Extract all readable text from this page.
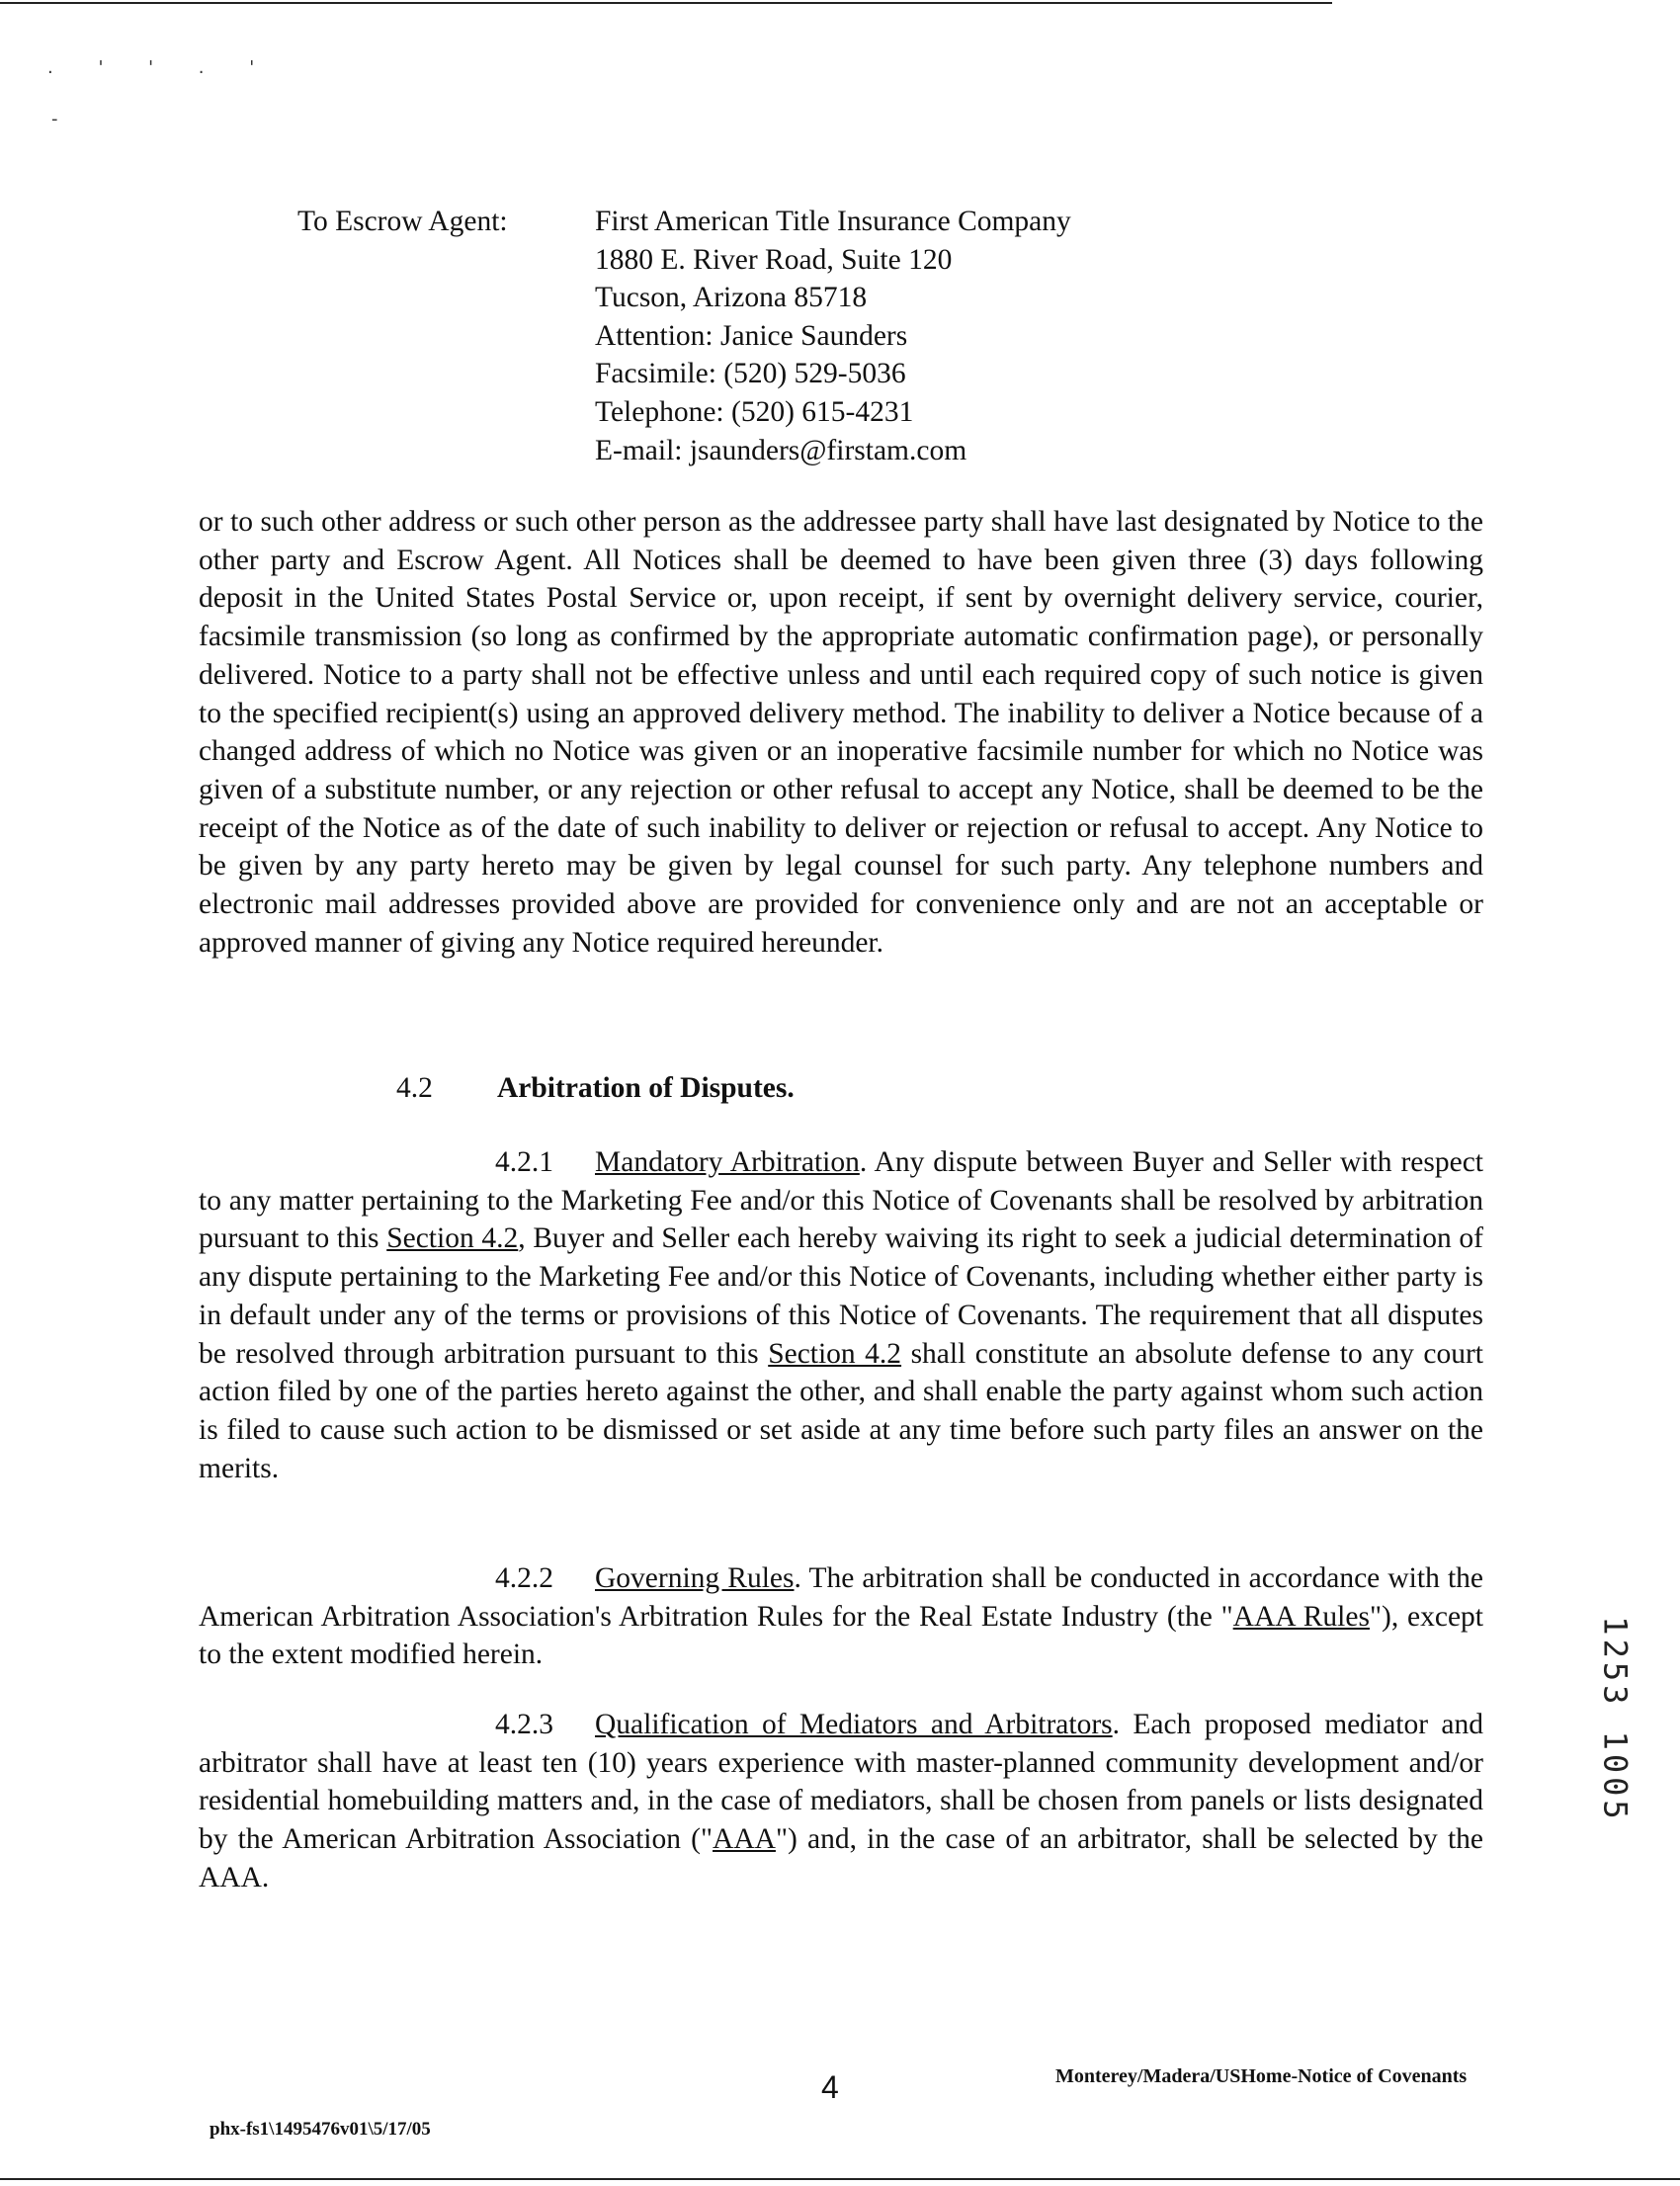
. ' ' . '
-
To Escrow Agent:	First American Title Insurance Company
1880 E. River Road, Suite 120
Tucson, Arizona 85718
Attention: Janice Saunders
Facsimile: (520) 529-5036
Telephone: (520) 615-4231
E-mail: jsaunders@firstam.com
or to such other address or such other person as the addressee party shall have last designated by Notice to the other party and Escrow Agent. All Notices shall be deemed to have been given three (3) days following deposit in the United States Postal Service or, upon receipt, if sent by overnight delivery service, courier, facsimile transmission (so long as confirmed by the appropriate automatic confirmation page), or personally delivered. Notice to a party shall not be effective unless and until each required copy of such notice is given to the specified recipient(s) using an approved delivery method. The inability to deliver a Notice because of a changed address of which no Notice was given or an inoperative facsimile number for which no Notice was given of a substitute number, or any rejection or other refusal to accept any Notice, shall be deemed to be the receipt of the Notice as of the date of such inability to deliver or rejection or refusal to accept. Any Notice to be given by any party hereto may be given by legal counsel for such party. Any telephone numbers and electronic mail addresses provided above are provided for convenience only and are not an acceptable or approved manner of giving any Notice required hereunder.
4.2 Arbitration of Disputes.
4.2.1 Mandatory Arbitration. Any dispute between Buyer and Seller with respect to any matter pertaining to the Marketing Fee and/or this Notice of Covenants shall be resolved by arbitration pursuant to this Section 4.2, Buyer and Seller each hereby waiving its right to seek a judicial determination of any dispute pertaining to the Marketing Fee and/or this Notice of Covenants, including whether either party is in default under any of the terms or provisions of this Notice of Covenants. The requirement that all disputes be resolved through arbitration pursuant to this Section 4.2 shall constitute an absolute defense to any court action filed by one of the parties hereto against the other, and shall enable the party against whom such action is filed to cause such action to be dismissed or set aside at any time before such party files an answer on the merits.
4.2.2 Governing Rules. The arbitration shall be conducted in accordance with the American Arbitration Association's Arbitration Rules for the Real Estate Industry (the "AAA Rules"), except to the extent modified herein.
4.2.3 Qualification of Mediators and Arbitrators. Each proposed mediator and arbitrator shall have at least ten (10) years experience with master-planned community development and/or residential homebuilding matters and, in the case of mediators, shall be chosen from panels or lists designated by the American Arbitration Association ("AAA") and, in the case of an arbitrator, shall be selected by the AAA.
1253 1005
4	Monterey/Madera/USHome-Notice of Covenants
phx-fs1\1495476v01\5/17/05
